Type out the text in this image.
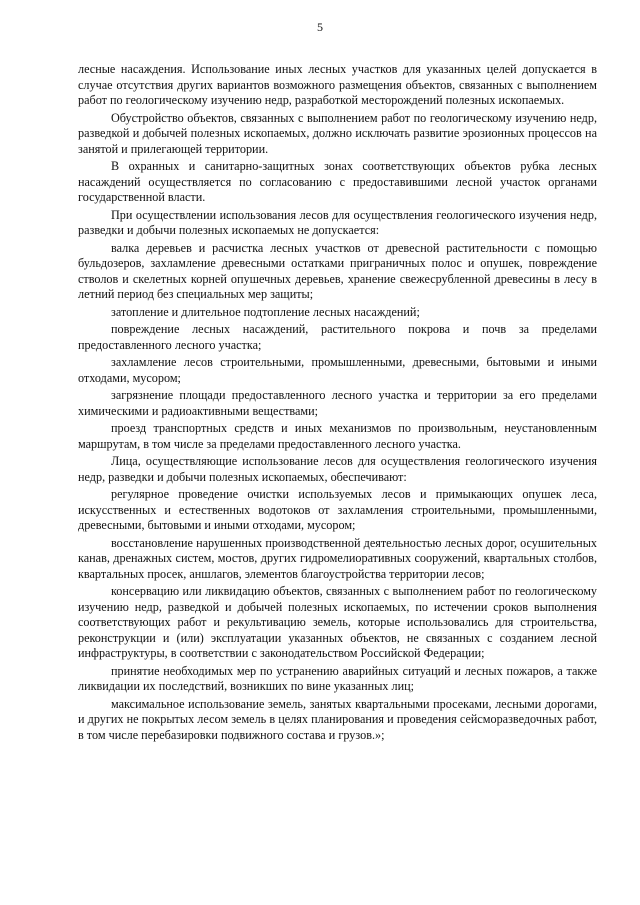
5

лесные насаждения. Использование иных лесных участков для указанных целей допускается в случае отсутствия других вариантов возможного размещения объектов, связанных с выполнением работ по геологическому изучению недр, разработкой месторождений полезных ископаемых.

Обустройство объектов, связанных с выполнением работ по геологическому изучению недр, разведкой и добычей полезных ископаемых, должно исключать развитие эрозионных процессов на занятой и прилегающей территории.

В охранных и санитарно-защитных зонах соответствующих объектов рубка лесных насаждений осуществляется по согласованию с предоставившими лесной участок органами государственной власти.

При осуществлении использования лесов для осуществления геологического изучения недр, разведки и добычи полезных ископаемых не допускается:

валка деревьев и расчистка лесных участков от древесной растительности с помощью бульдозеров, захламление древесными остатками приграничных полос и опушек, повреждение стволов и скелетных корней опушечных деревьев, хранение свежесрубленной древесины в лесу в летний период без специальных мер защиты;

затопление и длительное подтопление лесных насаждений;

повреждение лесных насаждений, растительного покрова и почв за пределами предоставленного лесного участка;

захламление лесов строительными, промышленными, древесными, бытовыми и иными отходами, мусором;

загрязнение площади предоставленного лесного участка и территории за его пределами химическими и радиоактивными веществами;

проезд транспортных средств и иных механизмов по произвольным, неустановленным маршрутам, в том числе за пределами предоставленного лесного участка.

Лица, осуществляющие использование лесов для осуществления геологического изучения недр, разведки и добычи полезных ископаемых, обеспечивают:

регулярное проведение очистки используемых лесов и примыкающих опушек леса, искусственных и естественных водотоков от захламления строительными, промышленными, древесными, бытовыми и иными отходами, мусором;

восстановление нарушенных производственной деятельностью лесных дорог, осушительных канав, дренажных систем, мостов, других гидромелиоративных сооружений, квартальных столбов, квартальных просек, аншлагов, элементов благоустройства территории лесов;

консервацию или ликвидацию объектов, связанных с выполнением работ по геологическому изучению недр, разведкой и добычей полезных ископаемых, по истечении сроков выполнения соответствующих работ и рекультивацию земель, которые использовались для строительства, реконструкции и (или) эксплуатации указанных объектов, не связанных с созданием лесной инфраструктуры, в соответствии с законодательством Российской Федерации;

принятие необходимых мер по устранению аварийных ситуаций и лесных пожаров, а также ликвидации их последствий, возникших по вине указанных лиц;

максимальное использование земель, занятых квартальными просеками, лесными дорогами, и других не покрытых лесом земель в целях планирования и проведения сейсморазведочных работ, в том числе перебазировки подвижного состава и грузов.»;
